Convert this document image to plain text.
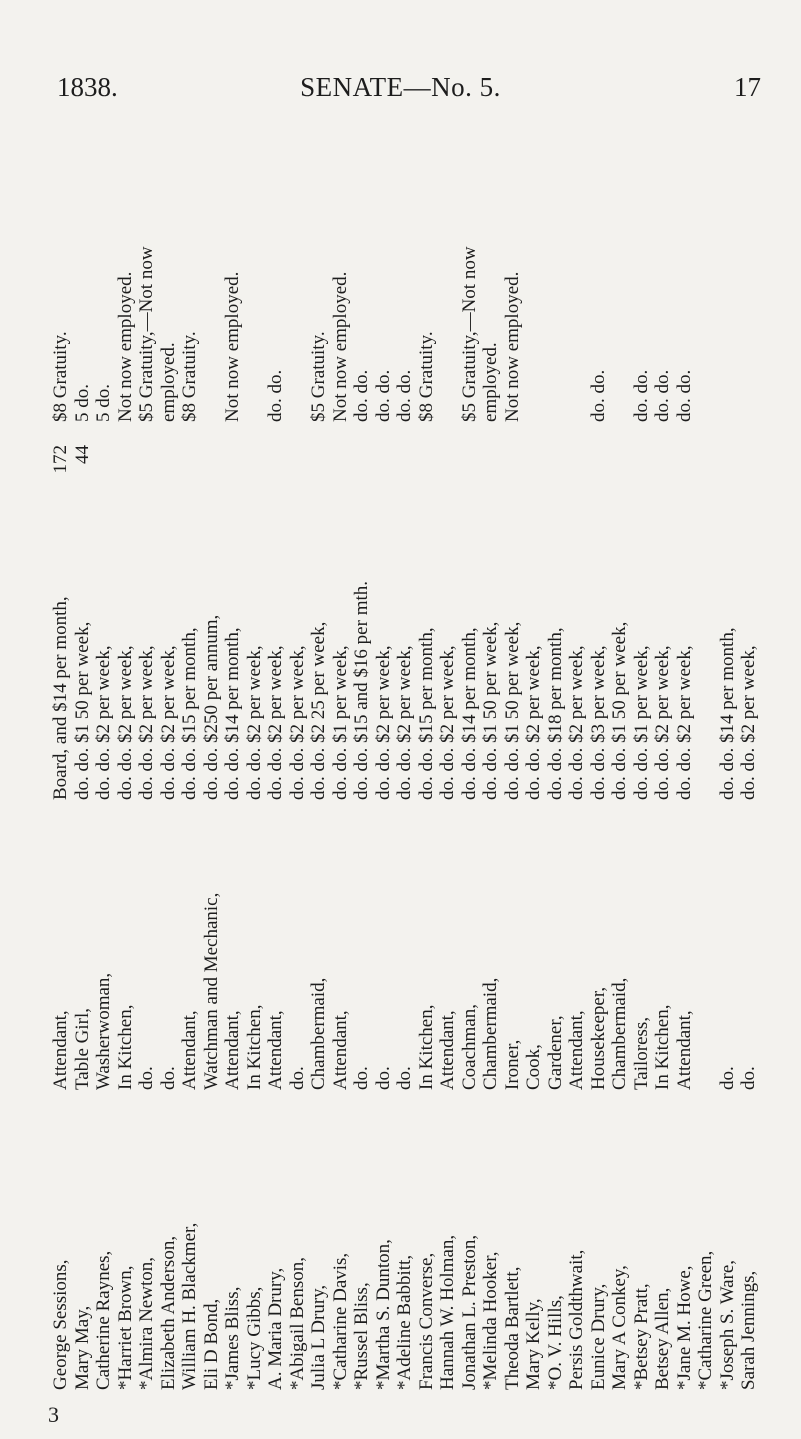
1838.	SENATE—No. 5.	17
George Sessions,
Attendant,
Board, and $14 per month,
172
$8 Gratuity.
Mary May,
Table Girl,
do. do. $1 50 per week,
44
5 do.
Catherine Raynes,
Washerwoman,
do. do. $2 per week,
5 do.
*Harriet Brown,
In Kitchen,
do. do. $2 per week,
Not now employed.
*Almira Newton,
do.
do. do. $2 per week,
$5 Gratuity,—Not now
Elizabeth Anderson,
do.
do. do. $2 per week,
employed.
William H. Blackmer,
Attendant,
do. do. $15 per month,
$8 Gratuity.
Eli D Bond,
Watchman and Mechanic,
do. do. $250 per annum,
*James Bliss,
Attendant,
do. do. $14 per month,
Not now employed.
*Lucy Gibbs,
In Kitchen,
do. do. $2 per week,
A. Maria Drury,
Attendant,
do. do. $2 per week,
do. do.
*Abigail Benson,
do.
do. do. $2 per week,
Julia L Drury,
Chambermaid,
do. do. $2 25 per week,
$5 Gratuity.
*Catharine Davis,
Attendant,
do. do. $1 per week,
Not now employed.
*Russel Bliss,
do.
do. do. $15 and $16 per mth.
do. do.
*Martha S. Dunton,
do.
do. do. $2 per week,
do. do.
*Adeline Babbitt,
do.
do. do. $2 per week,
do. do.
Francis Converse,
In Kitchen,
do. do. $15 per month,
$8 Gratuity.
Hannah W. Holman,
Attendant,
do. do. $2 per week,
Jonathan L. Preston,
Coachman,
do. do. $14 per month,
$5 Gratuity,—Not now
*Melinda Hooker,
Chambermaid,
do. do. $1 50 per week,
employed.
Theoda Bartlett,
Ironer,
do. do. $1 50 per week,
Not now employed.
Mary Kelly,
Cook,
do. do. $2 per week,
*O. V. Hills,
Gardener,
do. do. $18 per month,
Persis Goldthwait,
Attendant,
do. do. $2 per week,
Eunice Drury,
Housekeeper,
do. do. $3 per week,
do. do.
Mary A Conkey,
Chambermaid,
do. do. $1 50 per week,
*Betsey Pratt,
Tailoress,
do. do. $1 per week,
do. do.
Betsey Allen,
In Kitchen,
do. do. $2 per week,
do. do.
*Jane M. Howe,
Attendant,
do. do. $2 per week,
do. do.
*Catharine Green, *Joseph S. Ware,
do.
do. do. $14 per month,
Sarah Jennings,
do.
do. do. $2 per week,
3
